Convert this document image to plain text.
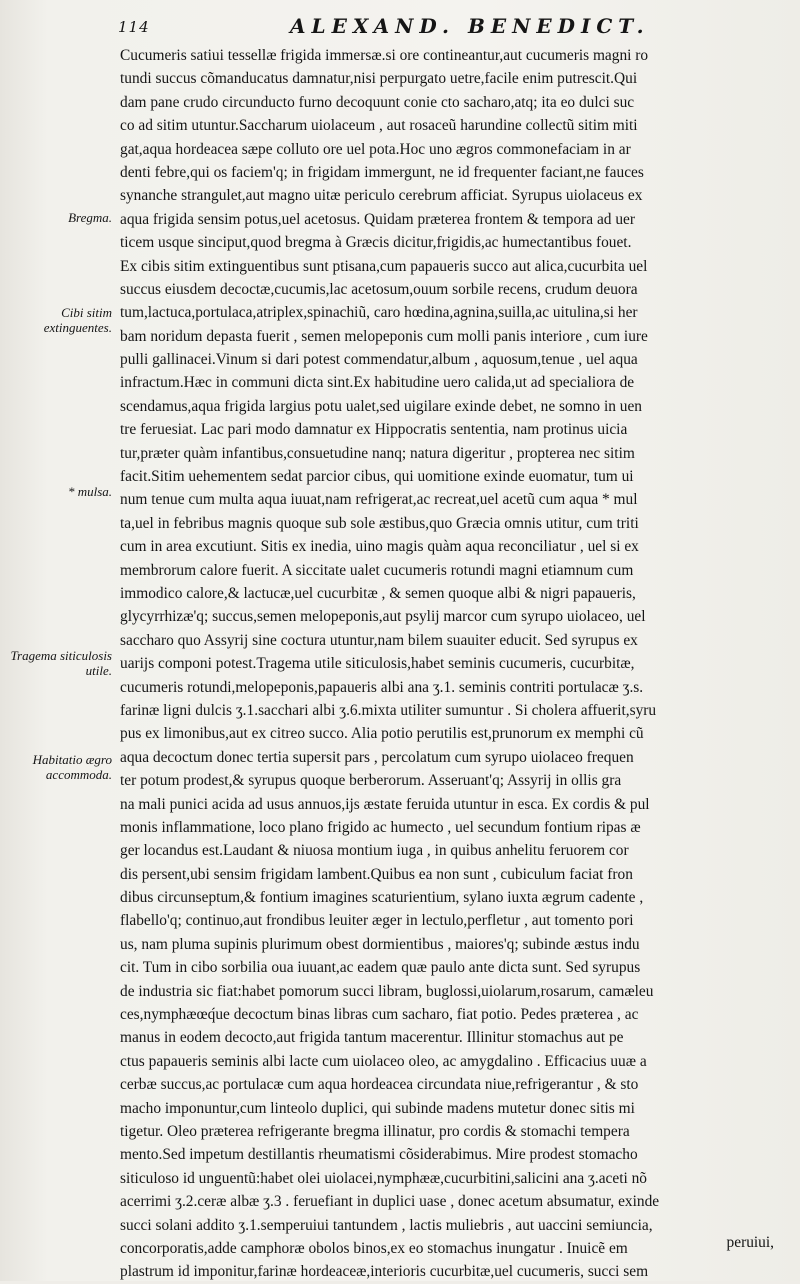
114	ALEXAND. BENEDICT.
Bregma.
Cibi sitim extinguentes.
* mulsa.
Tragema siticulosis utile.
Habitatio ægro accommoda.
Cucumeris satiui tessellæ frigida immersæ.si ore contineantur,aut cucumeris magni ro
tundi succus cõmanducatus damnatur,nisi perpurgato uetre,facile enim putrescit.Qui
dam pane crudo circunducto furno decoquunt conie cto sacharo,atq; ita eo dulci suc
co ad sitim utuntur.Saccharum uiolaceum , aut rosaceũ harundine collectũ sitim miti
gat,aqua hordeacea sæpe colluto ore uel pota.Hoc uno ægros commonefaciam in ar
denti febre,qui os faciem'q; in frigidam immergunt, ne id frequenter faciant,ne fauces
synanche strangulet,aut magno uitæ periculo cerebrum afficiat. Syrupus uiolaceus ex
aqua frigida sensim potus,uel acetosus. Quidam præterea frontem & tempora ad uer
ticem usque sinciput,quod bregma à Græcis dicitur,frigidis,ac humectantibus fouet.
Ex cibis sitim extinguentibus sunt ptisana,cum papaueris succo aut alica,cucurbita uel
succus eiusdem decoctæ,cucumis,lac acetosum,ouum sorbile recens, crudum deuora
tum,lactuca,portulaca,atriplex,spinachiũ, caro hœdina,agnina,suilla,ac uitulina,si her
bam noridum depasta fuerit , semen melopeponis cum molli panis interiore , cum iure
pulli gallinacei.Vinum si dari potest commendatur,album , aquosum,tenue , uel aqua
infractum.Hæc in communi dicta sint.Ex habitudine uero calida,ut ad specialiora de
scendamus,aqua frigida largius potu ualet,sed uigilare exinde debet, ne somno in uen
tre feruesiat. Lac pari modo damnatur ex Hippocratis sententia, nam protinus uicia
tur,præter quàm infantibus,consuetudine nanq; natura digeritur , propterea nec sitim
facit.Sitim uehementem sedat parcior cibus, qui uomitione exinde euomatur, tum ui
num tenue cum multa aqua iuuat,nam refrigerat,ac recreat,uel acetũ cum aqua * mul
ta,uel in febribus magnis quoque sub sole æstibus,quo Græcia omnis utitur, cum triti
cum in area excutiunt. Sitis ex inedia, uino magis quàm aqua reconciliatur , uel si ex
membrorum calore fuerit. A siccitate ualet cucumeris rotundi magni etiamnum cum
immodico calore,& lactucæ,uel cucurbitæ , & semen quoque albi & nigri papaueris,
glycyrrhizæ'q; succus,semen melopeponis,aut psylij marcor cum syrupo uiolaceo, uel
saccharo quo Assyrij sine coctura utuntur,nam bilem suauiter educit. Sed syrupus ex
uarijs componi potest.Tragema utile siticulosis,habet seminis cucumeris, cucurbitæ,
cucumeris rotundi,melopeponis,papaueris albi ana ʒ.1. seminis contriti portulacæ ʒ.s.
farinæ ligni dulcis ʒ.1.sacchari albi ʒ.6.mixta utiliter sumuntur . Si cholera affuerit,syru
pus ex limonibus,aut ex citreo succo. Alia potio perutilis est,prunorum ex memphi cũ
aqua decoctum donec tertia supersit pars , percolatum cum syrupo uiolaceo frequen
ter potum prodest,& syrupus quoque berberorum. Asseruant'q; Assyrij in ollis gra
na mali punici acida ad usus annuos,ijs æstate feruida utuntur in esca. Ex cordis & pul
monis inflammatione, loco plano frigido ac humecto , uel secundum fontium ripas æ
ger locandus est.Laudant & niuosa montium iuga , in quibus anhelitu feruorem cor
dis persent,ubi sensim frigidam lambent.Quibus ea non sunt , cubiculum faciat fron
dibus circunseptum,& fontium imagines scaturientium, sylano iuxta ægrum cadente ,
flabello'q; continuo,aut frondibus leuiter æger in lectulo,perfletur , aut tomento pori
us, nam pluma supinis plurimum obest dormientibus , maiores'q; subinde æstus indu
cit. Tum in cibo sorbilia oua iuuant,ac eadem quæ paulo ante dicta sunt. Sed syrupus
de industria sic fiat:habet pomorum succi libram, buglossi,uiolarum,rosarum, camæleu
ces,nymphæœq́ue decoctum binas libras cum sacharo, fiat potio. Pedes præterea , ac
manus in eodem decocto,aut frigida tantum macerentur. Illinitur stomachus aut pe
ctus papaueris seminis albi lacte cum uiolaceo oleo, ac amygdalino . Efficacius uuæ a
cerbæ succus,ac portulacæ cum aqua hordeacea circundata niue,refrigerantur , & sto
macho imponuntur,cum linteolo duplici, qui subinde madens mutetur donec sitis mi
tigetur. Oleo præterea refrigerante bregma illinatur, pro cordis & stomachi tempera
mento.Sed impetum destillantis rheumatismi cõsiderabimus. Mire prodest stomacho
siticuloso id unguentũ:habet olei uiolacei,nymphææ,cucurbitini,salicini ana ʒ.aceti nõ
acerrimi ʒ.2.ceræ albæ ʒ.3 . feruefiant in duplici uase , donec acetum absumatur, exinde
succi solani addito ʒ.1.semperuiui tantundem , lactis muliebris , aut uaccini semiuncia,
concorporatis,adde camphoræ obolos binos,ex eo stomachus inungatur . Inuicẽ em
plastrum id imponitur,farinæ hordeaceæ,interioris cucurbitæ,uel cucumeris, succi sem
peruiui,
